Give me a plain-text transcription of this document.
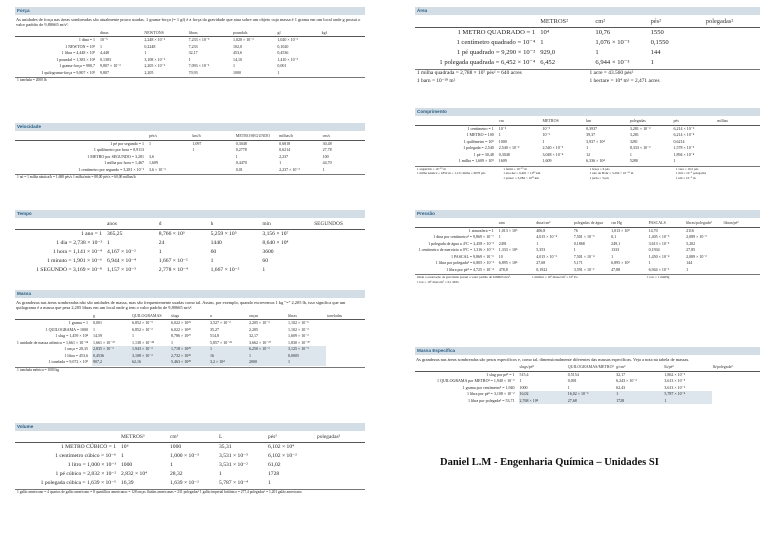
Força

As unidades de força nas áreas sombreadas são atualmente pouco usadas. 1 grama-força (= 1 gf) é a força da gravidade que atua sobre um objeto cuja massa é 1 grama em um local onde g possui o valor padrão de 9,80665 m/s².

	dinas	NEWTONS	libras	poundals	gf	kgf
1 dina = 1	10⁻⁵	2,248 × 10⁻⁶	7,233 × 10⁻⁵	1,020 × 10⁻³	1,020 × 10⁻⁶	
1 NEWTON = 10⁵	1	0,2248	7,233	102,0	0,1020	
1 libra = 4,448 × 10⁵	4,448	1	32,17	453,6	0,4536	
1 poundal = 1,383 × 10⁴	0,1383	3,108 × 10⁻²	1	14,10	1,410 × 10⁻²	
1 grama-força = 980,7	9,807 × 10⁻³	2,205 × 10⁻³	7,093 × 10⁻²	1	0,001	
1 quilograma-força = 9,807 × 10⁵	9,807	2,205	70,93	1000	1	
1 tonelada = 2000 lb
Velocidade
	pés/s	km/h	METRO/SEGUNDO	milhas/h	cm/s
1 pé por segundo = 1	1	1,097	0,3048	0,6818	30,48
1 quilômetro por hora = 0,9113		1	0,2778	0,6214	27,78
1 METRO por SEGUNDO = 3,281	3,6		1	2,237	100
1 milha por hora = 1,467	1,609		0,4470	1	44,70
1 centímetro por segundo = 3,281 × 10⁻²	3,6 × 10⁻²		0,01	2,237 × 10⁻²	1
1 nó = 1 milha náutica/h = 1,688 pés/s 1 milha/min = 88,00 pés/s = 60,00 milhas/h
Tempo
	anos	d	h	min	SEGUNDOS
1 ano = 1	365,25	8,766 × 10³	5,259 × 10⁵	3,156 × 10⁷	
1 dia = 2,738 × 10⁻³	1	24	1440	8,640 × 10⁴	
1 hora = 1,141 × 10⁻⁴	4,167 × 10⁻²	1	60	3600	
1 minuto = 1,901 × 10⁻⁶	6,944 × 10⁻⁴	1,667 × 10⁻²	1	60	
1 SEGUNDO = 3,169 × 10⁻⁸	1,157 × 10⁻⁵	2,778 × 10⁻⁴	1,667 × 10⁻²	1	
Massa

As grandezas nas áreas sombreadas não são unidades de massa, mas são frequentemente usadas como tal. Assim, por exemplo, quando escrevemos 1 kg "=" 2,205 lb, isso significa que um quilograma é a massa que pesa 2,205 libras em um local onde g tem o valor padrão de 9,80665 m/s².

	g	QUILOGRAMAS	slugs	u	onças	libras	toneladas
1 grama = 1	0,001	6,852 × 10⁻⁵	6,022 × 10²³	3,527 × 10⁻²	2,205 × 10⁻³	1,102 × 10⁻⁶	
1 QUILOGRAMA = 1000	1	6,852 × 10⁻²	6,022 × 10²⁶	35,27	2,205	1,102 × 10⁻³	
1 slug = 1,459 × 10⁴	14,59	1	8,786 × 10²⁷	514,8	32,17	1,609 × 10⁻²	
1 unidade de massa atômica = 1,661 × 10⁻²⁴	1,661 × 10⁻²⁷	1,138 × 10⁻²⁸	1	5,857 × 10⁻²⁶	3,662 × 10⁻²⁷	1,830 × 10⁻³⁰	
1 onça = 28,35	2,835 × 10⁻²	1,943 × 10⁻³	1,718 × 10²⁵	1	6,250 × 10⁻²	3,125 × 10⁻⁵	
1 libra = 453,6	0,4536	3,108 × 10⁻²	2,732 × 10²⁶	16	1	0,0005	
1 tonelada = 9,072 × 10⁵	907,2	62,16	5,463 × 10²⁹	3,2 × 10⁴	2000	1	
1 tonelada métrica = 1000 kg
Volume
	METROS³	cm³	L	pés³	polegadas³
1 METRO CÚBICO = 1	10⁶	1000	35,31	6,102 × 10⁴	
1 centímetro cúbico = 10⁻⁶	1	1,000 × 10⁻³	3,531 × 10⁻⁵	6,102 × 10⁻²	
1 litro = 1,000 × 10⁻³	1000	1	3,531 × 10⁻²	61,02	
1 pé cúbico = 2,832 × 10⁻²	2,832 × 10⁴	28,32	1	1728	
1 polegada cúbica = 1,639 × 10⁻⁵	16,39	1,639 × 10⁻²	5,787 × 10⁻⁴	1	
1 galão americano = 4 quartos de galão americano = 8 quartilhos americanos = 128 onças fluidas americanas = 231 polegadas³ 1 galão imperial britânico = 277,4 polegadas³ = 1,201 galão americano
Área
	METROS²	cm²	pés²	polegadas²
1 METRO QUADRADO = 1	10⁴	10,76	1550	
1 centímetro quadrado = 10⁻⁴	1	1,076 × 10⁻³	0,1550	
1 pé quadrado = 9,290 × 10⁻²	929,0	1	144	
1 polegada quadrada = 6,452 × 10⁻⁴	6,452	6,944 × 10⁻³	1	
1 milha quadrada = 2,788 × 10⁷ pés² = 640 acres
1 barn = 10⁻²⁸ m²
1 acre = 43.560 pés²
1 hectare = 10⁴ m² = 2,471 acres
Comprimento
	cm	METROS	km	polegadas	pés	milhas
1 centímetro = 1	10⁻²	10⁻⁵	0,3937	3,281 × 10⁻²	6,214 × 10⁻⁶	
1 METRO = 100	1	10⁻³	39,37	3,281	6,214 × 10⁻⁴	
1 quilômetro = 10⁵	1000	1	3,937 × 10⁴	3281	0,6214	
1 polegada = 2,540	2,540 × 10⁻²	2,540 × 10⁻⁵	1	8,333 × 10⁻²	1,578 × 10⁻⁵	
1 pé = 30,48	0,3048	3,048 × 10⁻⁴	12	1	1,894 × 10⁻⁴	
1 milha = 1,609 × 10⁵	1609	1,609	6,336 × 10⁴	5280	1	
1 angström = 10⁻¹⁰ m
1 milha náutica = 1852 m = 1,151 milha = 6076 pés
1 fermi = 10⁻¹⁵ m
1 ano-luz = 9,461 × 10¹² km
1 parsec = 3,084 × 10¹³ km
1 braça = 6 pés
1 raio de Bohr = 5,292 × 10⁻¹¹ m
1 jarda = 3 pés
1 vara = 16,5 pés
1 mil = 10⁻³ polegadas
1 nm = 10⁻⁹ m
Pressão
	atm	dina/cm²	polegadas de água	cm Hg	PASCALS	libras/polegada²	libras/pé²
1 atmosfera = 1	1,013 × 10⁶	406,8	76	1,013 × 10⁵	14,70	2116	
1 dina por centímetro² = 9,869 × 10⁻⁷	1	4,015 × 10⁻⁴	7,501 × 10⁻⁵	0,1	1,405 × 10⁻⁵	2,089 × 10⁻³	
1 polegada de água a 4°C = 2,458 × 10⁻³	2491	1	0,1868	249,1	3,613 × 10⁻²	5,202	
1 centímetro de mercúrio a 0°C = 1,316 × 10⁻²	1,333 × 10⁴	5,353	1	1333	0,1934	27,85	
1 PASCAL = 9,869 × 10⁻⁶	10	4,015 × 10⁻³	7,501 × 10⁻⁴	1	1,450 × 10⁻⁴	2,089 × 10⁻²	
1 libra por polegada² = 6,805 × 10⁻²	6,895 × 10⁴	27,68	5,171	6,895 × 10³	1	144	
1 libra por pé² = 4,725 × 10⁻⁴	478,8	0,1922	3,591 × 10⁻²	47,88	6,944 × 10⁻³	1	
Onde a aceleração da gravidade possui o valor padrão de 9,80665 m/s².
1 bar = 10⁶ dina/cm² = 0,1 MPa
1 milibar = 10³ dinas/cm² = 10² Pa	1 torr = 1 mmHg
Massa Específica

As grandezas nas áreas sombreadas são pesos específicos e, como tal, dimensionalmente diferentes das massas específicas. Veja a nota na tabela de massas.

	slugs/pé³	QUILOGRAMAS/METRO³	g/cm³	lb/pé³	lb/polegada³
1 slug por pé³ = 1	515,4	0,5154	32,17	1,862 × 10⁻²	
1 QUILOGRAMA por METRO³ = 1,940 × 10⁻³	1	0,001	6,243 × 10⁻²	3,613 × 10⁻⁵	
1 grama por centímetro³ = 1,940	1000	1	62,43	3,613 × 10⁻²	
1 libra por pé³ = 3,108 × 10⁻²	16,02	16,02 × 10⁻³	1	5,787 × 10⁻⁴	
1 libra por polegada³ = 53,71	2,768 × 10⁴	27,68	1728	1	
Daniel L.M - Engenharia Química – Unidades SI
